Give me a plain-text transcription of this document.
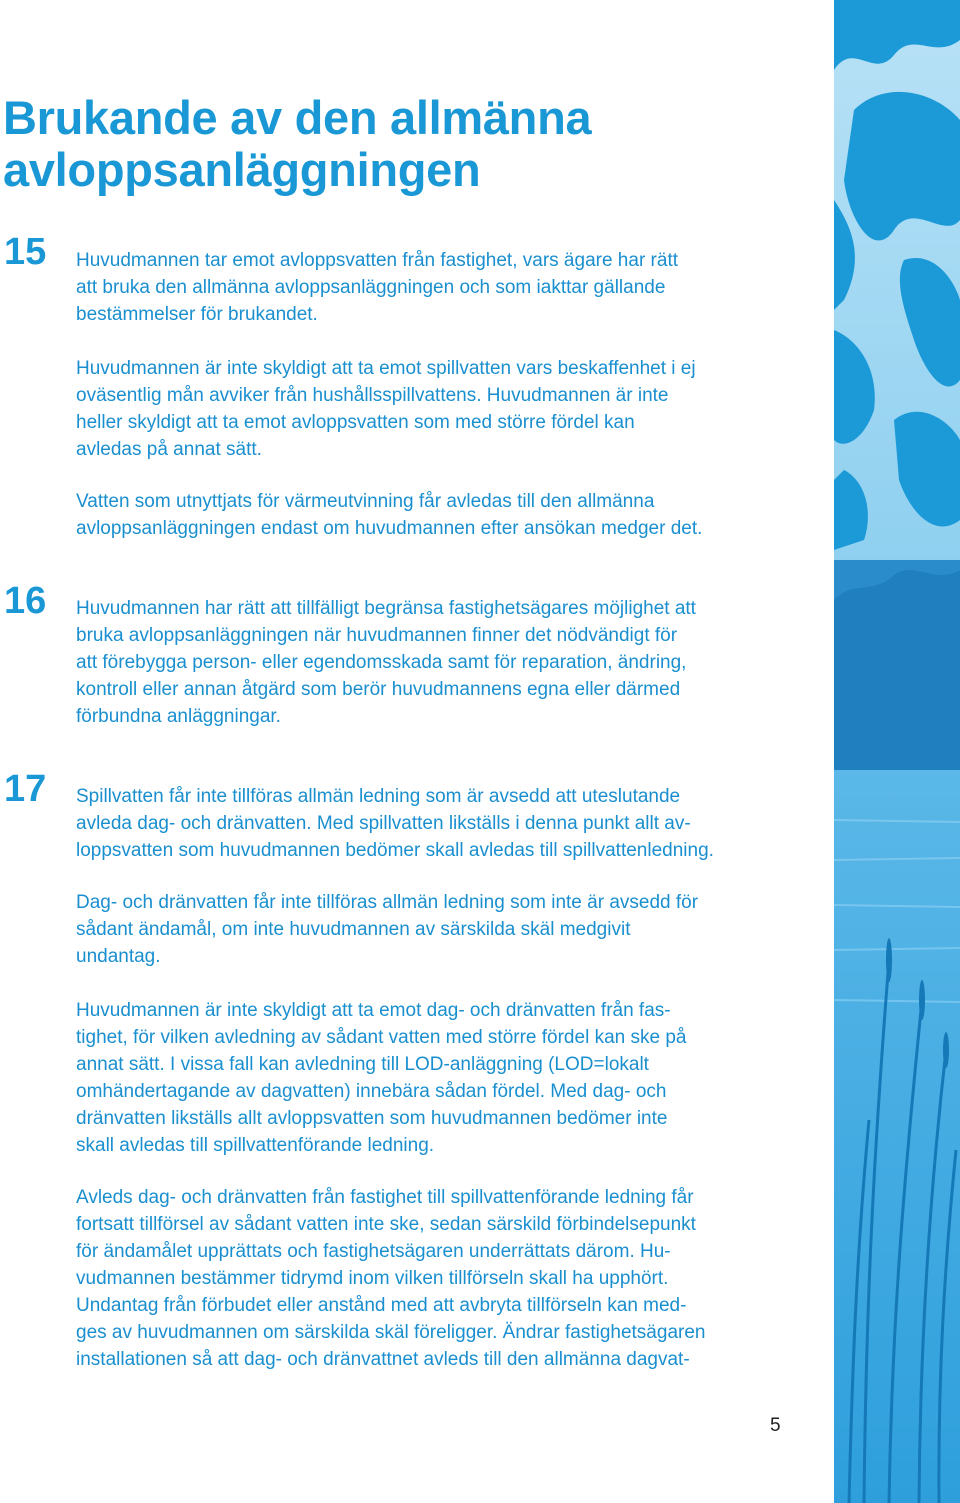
Brukande av den allmänna
avloppsanläggningen
15 Huvudmannen tar emot avloppsvatten från fastighet, vars ägare har rätt
att bruka den allmänna avloppsanläggningen och som iakttar gällande
bestämmelser för brukandet.

Huvudmannen är inte skyldigt att ta emot spillvatten vars beskaffenhet i ej
oväsentlig mån avviker från hushållsspillvattens. Huvudmannen är inte
heller skyldigt att ta emot avloppsvatten som med större fördel kan
avledas på annat sätt.

Vatten som utnyttjats för värmeutvinning får avledas till den allmänna
avloppsanläggningen endast om huvudmannen efter ansökan medger det.

16 Huvudmannen har rätt att tillfälligt begränsa fastighetsägares möjlighet att
bruka avloppsanläggningen när huvudmannen finner det nödvändigt för
att förebygga person- eller egendomsskada samt för reparation, ändring,
kontroll eller annan åtgärd som berör huvudmannens egna eller därmed
förbundna anläggningar.

17 Spillvatten får inte tillföras allmän ledning som är avsedd att uteslutande
avleda dag- och dränvatten. Med spillvatten likställs i denna punkt allt av-
loppsvatten som huvudmannen bedömer skall avledas till spillvattenledning.

Dag- och dränvatten får inte tillföras allmän ledning som inte är avsedd för
sådant ändamål, om inte huvudmannen av särskilda skäl medgivit
undantag.

Huvudmannen är inte skyldigt att ta emot dag- och dränvatten från fas-
tighet, för vilken avledning av sådant vatten med större fördel kan ske på
annat sätt. I vissa fall kan avledning till LOD-anläggning (LOD=lokalt
omhändertagande av dagvatten) innebära sådan fördel. Med dag- och
dränvatten likställs allt avloppsvatten som huvudmannen bedömer inte
skall avledas till spillvattenförande ledning.

Avleds dag- och dränvatten från fastighet till spillvattenförande ledning får
fortsatt tillförsel av sådant vatten inte ske, sedan särskild förbindelsepunkt
för ändamålet upprättats och fastighetsägaren underrättats därom. Hu-
vudmannen bestämmer tidrymd inom vilken tillförseln skall ha upphört.
Undantag från förbudet eller anstånd med att avbryta tillförseln kan med-
ges av huvudmannen om särskilda skäl föreligger. Ändrar fastighetsägaren
installationen så att dag- och dränvattnet avleds till den allmänna dagvat-

5
